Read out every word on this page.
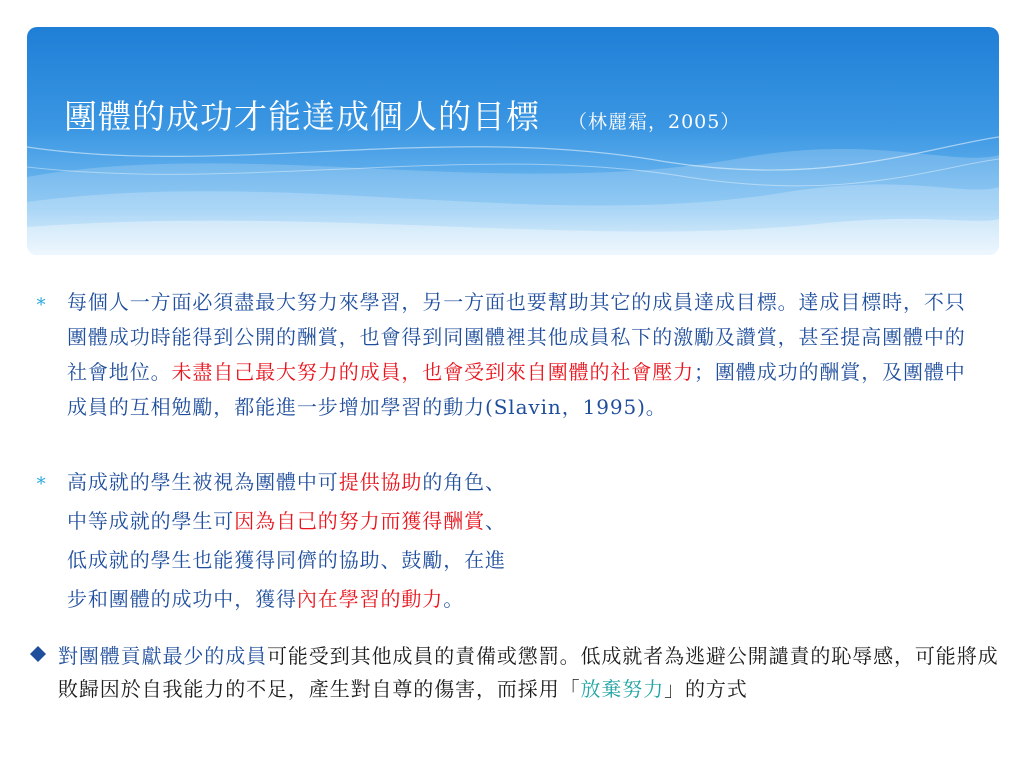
團體的成功才能達成個人的目標 （林麗霜，2005）
∗ 每個人一方面必須盡最大努力來學習，另一方面也要幫助其它的成員達成目標。達成目標時，不只團體成功時能得到公開的酬賞，也會得到同團體裡其他成員私下的激勵及讚賞，甚至提高團體中的社會地位。未盡自己最大努力的成員，也會受到來自團體的社會壓力；團體成功的酬賞，及團體中成員的互相勉勵，都能進一步增加學習的動力(Slavin，1995)。
∗ 高成就的學生被視為團體中可提供協助的角色、
中等成就的學生可因為自己的努力而獲得酬賞、
低成就的學生也能獲得同儕的協助、鼓勵，在進
步和團體的成功中，獲得內在學習的動力。
對團體貢獻最少的成員可能受到其他成員的責備或懲罰。低成就者為逃避公開譴責的恥辱感，可能將成敗歸因於自我能力的不足，產生對自尊的傷害，而採用「放棄努力」的方式
